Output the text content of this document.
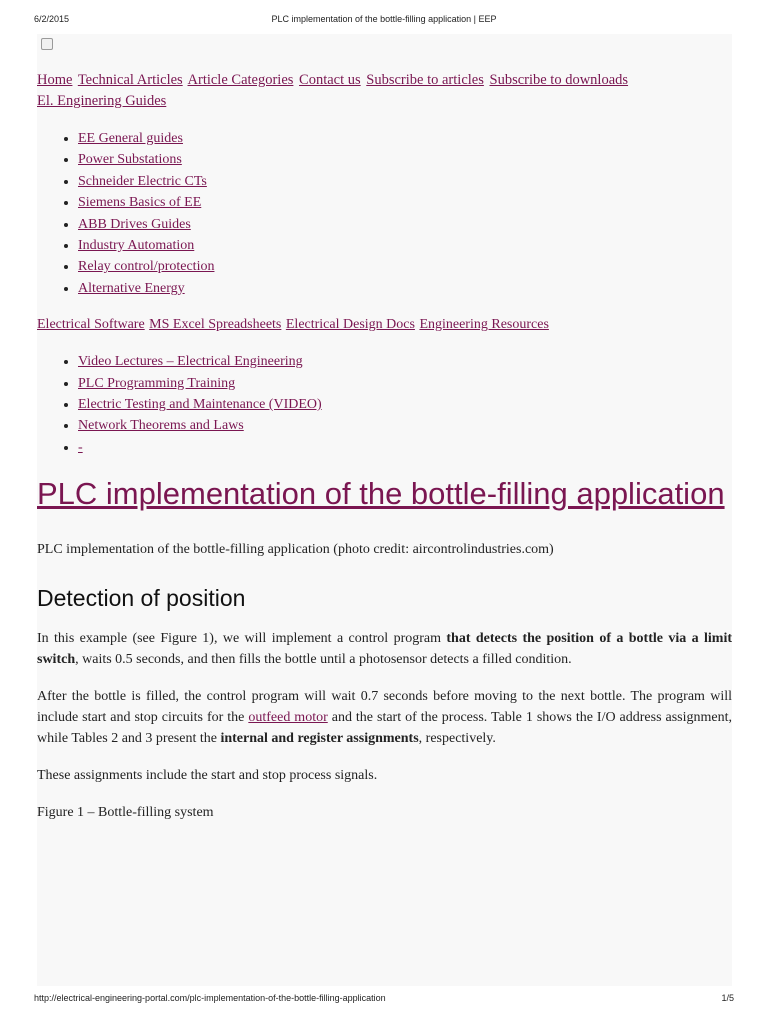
6/2/2015	PLC implementation of the bottle-filling application | EEP
Home Technical Articles Article Categories Contact us Subscribe to articles Subscribe to downloads
El. Enginering Guides
• EE General guides
• Power Substations
• Schneider Electric CTs
• Siemens Basics of EE
• ABB Drives Guides
• Industry Automation
• Relay control/protection
• Alternative Energy
Electrical Software MS Excel Spreadsheets Electrical Design Docs Engineering Resources
• Video Lectures – Electrical Engineering
• PLC Programming Training
• Electric Testing and Maintenance (VIDEO)
• Network Theorems and Laws
• -
PLC implementation of the bottle-filling application

PLC implementation of the bottle-filling application (photo credit: aircontrolindustries.com)

Detection of position

In this example (see Figure 1), we will implement a control program that detects the position of a bottle via a limit switch, waits 0.5 seconds, and then fills the bottle until a photosensor detects a filled condition.

After the bottle is filled, the control program will wait 0.7 seconds before moving to the next bottle. The program will include start and stop circuits for the outfeed motor and the start of the process. Table 1 shows the I/O address assignment, while Tables 2 and 3 present the internal and register assignments, respectively.

These assignments include the start and stop process signals.

Figure 1 – Bottle-filling system

http://electrical-engineering-portal.com/plc-implementation-of-the-bottle-filling-application	1/5
